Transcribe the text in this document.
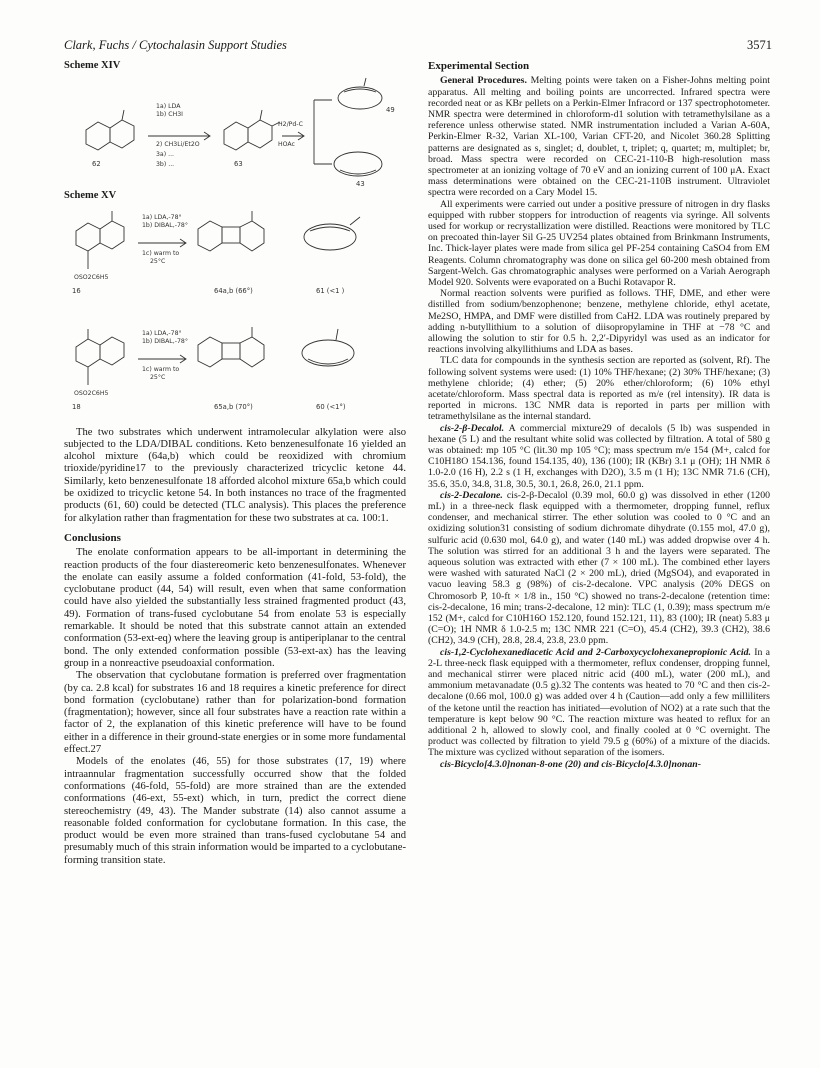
Clark, Fuchs / Cytochalasin Support Studies	3571
Scheme XIV
1a) LDA
1b) CH3I
2) CH3Li/Et2O
3a) ...
3b) ...
H2/Pd-C
HOAc
62	63
49
43
Scheme XV
1a) LDA,-78°
1b) DIBAL,-78°
1c) warm to
25°C
OSO2C6H5
16	64a,b (66°)	61 (<1 )
1a) LDA,-78°
1b) DIBAL,-78°
1c) warm to
25°C
OSO2C6H5
18	65a,b (70°)	60 (<1°)

The two substrates which underwent intramolecular alkylation were also subjected to the LDA/DIBAL conditions. Keto benzenesulfonate 16 yielded an alcohol mixture (64a,b) which could be reoxidized with chromium trioxide/pyridine17 to the previously characterized tricyclic ketone 44. Similarly, keto benzenesulfonate 18 afforded alcohol mixture 65a,b which could be oxidized to tricyclic ketone 54. In both instances no trace of the fragmented products (61, 60) could be detected (TLC analysis). This places the preference for alkylation rather than fragmentation for these two substrates at ca. 100:1.

Conclusions

The enolate conformation appears to be all-important in determining the reaction products of the four diastereomeric keto benzenesulfonates. Whenever the enolate can easily assume a folded conformation (41-fold, 53-fold), the cyclobutane product (44, 54) will result, even when that same conformation could have also yielded the substantially less strained fragmented product (43, 49). Formation of trans-fused cyclobutane 54 from enolate 53 is especially remarkable. It should be noted that this substrate cannot attain an extended conformation (53-ext-eq) where the leaving group is antiperiplanar to the central bond. The only extended conformation possible (53-ext-ax) has the leaving group in a nonreactive pseudoaxial conformation.

The observation that cyclobutane formation is preferred over fragmentation (by ca. 2.8 kcal) for substrates 16 and 18 requires a kinetic preference for direct bond formation (cyclobutane) rather than for polarization-bond formation (fragmentation); however, since all four substrates have a reaction rate within a factor of 2, the explanation of this kinetic preference will have to be found either in a difference in their ground-state energies or in some more fundamental effect.27

Models of the enolates (46, 55) for those substrates (17, 19) where intraannular fragmentation successfully occurred show that the folded conformations (46-fold, 55-fold) are more strained than are the extended conformations (46-ext, 55-ext) which, in turn, predict the correct diene stereochemistry (49, 43). The Mander substrate (14) also cannot assume a reasonable folded conformation for cyclobutane formation. In this case, the product would be even more strained than trans-fused cyclobutane 54 and presumably much of this strain information would be imparted to a cyclobutane-forming transition state.

Experimental Section

General Procedures. Melting points were taken on a Fisher-Johns melting point apparatus. All melting and boiling points are uncorrected. Infrared spectra were recorded neat or as KBr pellets on a Perkin-Elmer Infracord or 137 spectrophotometer. NMR spectra were determined in chloroform-d1 solution with tetramethylsilane as a reference unless otherwise stated. NMR instrumentation included a Varian A-60A, Perkin-Elmer R-32, Varian XL-100, Varian CFT-20, and Nicolet 360.28 Splitting patterns are designated as s, singlet; d, doublet, t, triplet; q, quartet; m, multiplet; br, broad. Mass spectra were recorded on CEC-21-110-B high-resolution mass spectrometer at an ionizing voltage of 70 eV and an ionizing current of 100 μA. Exact mass determinations were obtained on the CEC-21-110B instrument. Ultraviolet spectra were recorded on a Cary Model 15.

All experiments were carried out under a positive pressure of nitrogen in dry flasks equipped with rubber stoppers for introduction of reagents via syringe. All solvents used for workup or recrystallization were distilled. Reactions were monitored by TLC on precoated thin-layer Sil G-25 UV254 plates obtained from Brinkmann Instruments, Inc. Thick-layer plates were made from silica gel PF-254 containing CaSO4 from EM Reagents. Column chromatography was done on silica gel 60-200 mesh obtained from Sargent-Welch. Gas chromatographic analyses were performed on a Variah Aerograph Model 920. Solvents were evaporated on a Buchi Rotavapor R.

Normal reaction solvents were purified as follows. THF, DME, and ether were distilled from sodium/benzophenone; benzene, methylene chloride, ethyl acetate, Me2SO, HMPA, and DMF were distilled from CaH2. LDA was routinely prepared by adding n-butyllithium to a solution of diisopropylamine in THF at −78 °C and allowing the solution to stir for 0.5 h. 2,2′-Dipyridyl was used as an indicator for reactions involving alkyllithiums and LDA as bases.

TLC data for compounds in the synthesis section are reported as (solvent, Rf). The following solvent systems were used: (1) 10% THF/hexane; (2) 30% THF/hexane; (3) methylene chloride; (4) ether; (5) 20% ether/chloroform; (6) 10% ethyl acetate/chloroform. Mass spectral data is reported as m/e (rel intensity). IR data is reported in microns. 13C NMR data is reported in parts per million with tetramethylsilane as the internal standard.

cis-2-β-Decalol. A commercial mixture29 of decalols (5 lb) was suspended in hexane (5 L) and the resultant white solid was collected by filtration. A total of 580 g was obtained: mp 105 °C (lit.30 mp 105 °C); mass spectrum m/e 154 (M+, calcd for C10H18O 154.136, found 154.135, 40), 136 (100); IR (KBr) 3.1 μ (OH); 1H NMR δ 1.0-2.0 (16 H), 2.2 s (1 H, exchanges with D2O), 3.5 m (1 H); 13C NMR 71.6 (CH), 35.6, 35.0, 34.8, 31.8, 30.5, 30.1, 26.8, 26.0, 21.1 ppm.

cis-2-Decalone. cis-2-β-Decalol (0.39 mol, 60.0 g) was dissolved in ether (1200 mL) in a three-neck flask equipped with a thermometer, dropping funnel, reflux condenser, and mechanical stirrer. The ether solution was cooled to 0 °C and an oxidizing solution31 consisting of sodium dichromate dihydrate (0.155 mol, 47.0 g), sulfuric acid (0.630 mol, 64.0 g), and water (140 mL) was added dropwise over 4 h. The solution was stirred for an additional 3 h and the layers were separated. The aqueous solution was extracted with ether (7 × 100 mL). The combined ether layers were washed with saturated NaCl (2 × 200 mL), dried (MgSO4), and evaporated in vacuo leaving 58.3 g (98%) of cis-2-decalone. VPC analysis (20% DEGS on Chromosorb P, 10-ft × 1/8 in., 150 °C) showed no trans-2-decalone (retention time: cis-2-decalone, 16 min; trans-2-decalone, 12 min): TLC (1, 0.39); mass spectrum m/e 152 (M+, calcd for C10H16O 152.120, found 152.121, 11), 83 (100); IR (neat) 5.83 μ (C=O); 1H NMR δ 1.0-2.5 m; 13C NMR 221 (C=O), 45.4 (CH2), 39.3 (CH2), 38.6 (CH2), 34.9 (CH), 28.8, 28.4, 23.8, 23.0 ppm.

cis-1,2-Cyclohexanediacetic Acid and 2-Carboxycyclohexanepropionic Acid. In a 2-L three-neck flask equipped with a thermometer, reflux condenser, dropping funnel, and mechanical stirrer were placed nitric acid (400 mL), water (200 mL), and ammonium metavanadate (0.5 g).32 The contents was heated to 70 °C and then cis-2-decalone (0.66 mol, 100.0 g) was added over 4 h (Caution—add only a few milliliters of the ketone until the reaction has initiated—evolution of NO2) at a rate such that the temperature is kept below 90 °C. The reaction mixture was heated to reflux for an additional 2 h, allowed to slowly cool, and finally cooled at 0 °C overnight. The product was collected by filtration to yield 79.5 g (60%) of a mixture of the diacids. The mixture was cyclized without separation of the isomers.

cis-Bicyclo[4.3.0]nonan-8-one (20) and cis-Bicyclo[4.3.0]nonan-
